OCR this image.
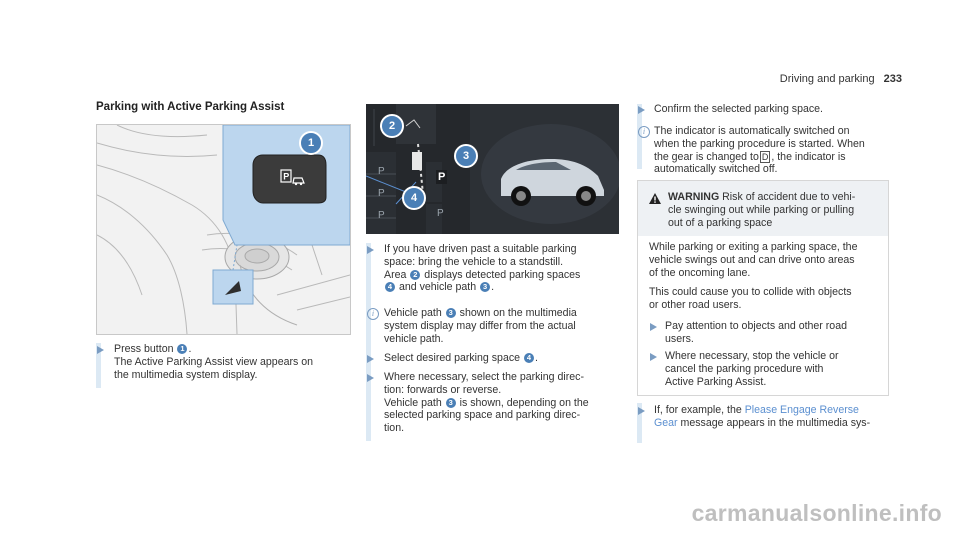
Driving and parking 233
Parking with Active Parking Assist
P
1
P
P
P	P
P
2
3
4
Press button 1 .
The Active Parking Assist view appears on
the multimedia system display.
If you have driven past a suitable parking
space: bring the vehicle to a standstill.
Area 2 displays detected parking spaces
4 and vehicle path 3 .
i Vehicle path 3 shown on the multimedia
system display may differ from the actual
vehicle path.
Select desired parking space 4 .
Where necessary, select the parking direc-
tion: forwards or reverse.
Vehicle path 3 is shown, depending on the
selected parking space and parking direc-
tion.
Confirm the selected parking space.
i The indicator is automatically switched on
when the parking procedure is started. When
the gear is changed to D , the indicator is
automatically switched off.
WARNING Risk of accident due to vehi-
cle swinging out while parking or pulling
out of a parking space
While parking or exiting a parking space, the
vehicle swings out and can drive onto areas
of the oncoming lane.
This could cause you to collide with objects
or other road users.
Pay attention to objects and other road
users.
Where necessary, stop the vehicle or
cancel the parking procedure with
Active Parking Assist.
If, for example, the Please Engage Reverse
Gear message appears in the multimedia sys-
carmanualsonline.info
